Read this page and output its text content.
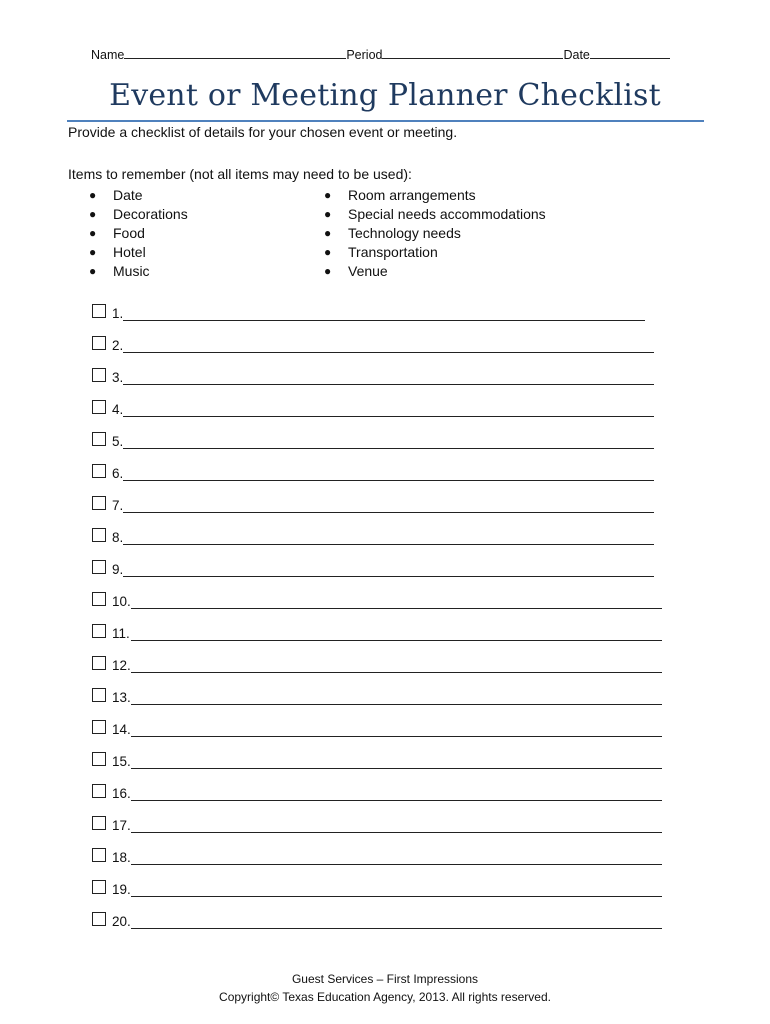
Name	Period	Date
Event or Meeting Planner Checklist
Provide a checklist of details for your chosen event or meeting.
Items to remember (not all items may need to be used):
● Date
● Decorations
● Food
● Hotel
● Music
● Room arrangements
● Special needs accommodations
● Technology needs
● Transportation
● Venue
1.
2.
3.
4.
5.
6.
7.
8.
9.
10.
11.
12.
13.
14.
15.
16.
17.
18.
19.
20.
Guest Services – First Impressions
Copyright© Texas Education Agency, 2013. All rights reserved.
